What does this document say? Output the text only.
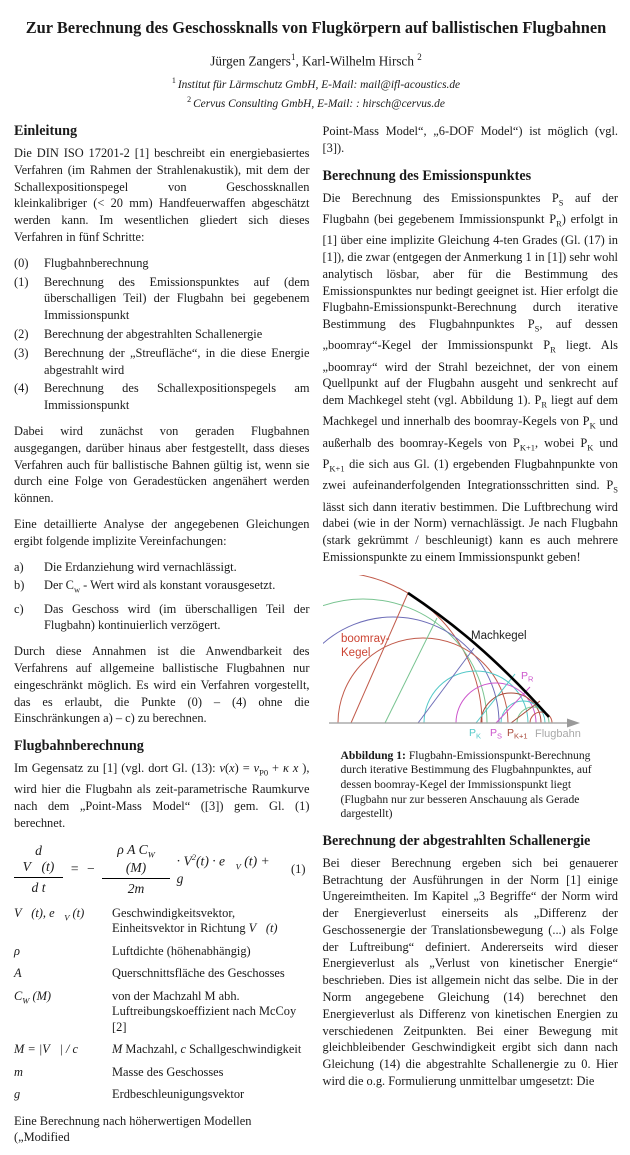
Zur Berechnung des Geschossknalls von Flugkörpern auf ballistischen Flugbahnen
Jürgen Zangers$^1$, Karl-Wilhelm Hirsch $^2$
$^1$ Institut für Lärmschutz GmbH, E-Mail: mail@ifl-acoustics.de
$^2$ Cervus Consulting GmbH, E-Mail: : hirsch@cervus.de
Einleitung

Die DIN ISO 17201-2 [1] beschreibt ein energiebasiertes Verfahren (im Rahmen der Strahlenakustik), mit dem der Schallexpositionspegel von Geschossknallen kleinkalibriger (< 20 mm) Handfeuerwaffen abgeschätzt werden kann. Im wesentlichen gliedert sich dieses Verfahren in fünf Schritte:

(0)	Flugbahnberechnung
(1)	Berechnung des Emissionspunktes auf (dem überschalligen Teil) der Flugbahn bei gegebenem Immissionspunkt
(2)	Berechnung der abgestrahlten Schallenergie
(3)	Berechnung der „Streufläche“, in die diese Energie abgestrahlt wird
(4)	Berechnung des Schallexpositionspegels am Immissionspunkt

Dabei wird zunächst von geraden Flugbahnen ausgegangen, darüber hinaus aber festgestellt, dass dieses Verfahren auch für ballistische Bahnen gültig ist, wenn sie durch eine Folge von Geradestücken angenähert werden können.

Eine detaillierte Analyse der angegebenen Gleichungen ergibt folgende implizite Vereinfachungen:

a)	Die Erdanziehung wird vernachlässigt.
b)	Der $C_w$ - Wert wird als konstant vorausgesetzt.
c)	Das Geschoss wird (im überschalligen Teil der Flugbahn) kontinuierlich verzögert.

Durch diese Annahmen ist die Anwendbarkeit des Verfahrens auf allgemeine ballistische Flugbahnen nur eingeschränkt möglich. Es wird ein Verfahren vorgestellt, das es erlaubt, die Punkte (0) – (4) ohne die Einschränkungen a) – c) zu berechnen.

Flugbahnberechnung

Im Gegensatz zu [1] (vgl. dort Gl. (13): $v(x) = v_{P0} + \kappa$ x ), wird hier die Flugbahn als zeit-parametrische Raumkurve nach dem „Point-Mass Model“ ([3]) gem. Gl. (1) berechnet.

$\frac{\text{d V⃗(t)}}{\text{d t}}$ = − $\frac{\rho A C_W (M)}{2m} \cdot V^2(t)$ · $e⃗_V$ (t) + g⃗
(1)
V⃗(t), $e⃗_V$ (t)	Geschwindigkeitsvektor, Einheitsvektor in Richtung V⃗(t)
ρ	Luftdichte (höhenabhängig)
A	Querschnittsfläche des Geschosses
$C_W$ (M)	von der Machzahl M abh. Luftreibungskoeffizient nach McCoy [2]
M = |V⃗| / c	M Machzahl, c Schallgeschwindigkeit
m	Masse des Geschosses
g⃗	Erdbeschleunigungsvektor

Eine Berechnung nach höherwertigen Modellen („Modified

Point-Mass Model“, „6-DOF Model“) ist möglich (vgl. [3]).

Berechnung des Emissionspunktes

Die Berechnung des Emissionspunktes $P_S$ auf der Flugbahn (bei gegebenem Immissionspunkt $P_R$) erfolgt in [1] über eine implizite Gleichung 4-ten Grades (Gl. (17) in [1]), die zwar (entgegen der Anmerkung 1 in [1]) sehr wohl analytisch lösbar, aber für die Bestimmung des Emissionspunktes nur bedingt geeignet ist. Hier erfolgt die Flugbahn-Emissionspunkt-Berechnung durch iterative Bestimmung des Flugbahnpunktes $P_S$, auf dessen „boomray“-Kegel der Immissionspunkt $P_R$ liegt. Als „boomray“ wird der Strahl bezeichnet, der von einem Quellpunkt auf der Flugbahn ausgeht und senkrecht auf dem Machkegel steht (vgl. Abbildung 1). $P_R$ liegt auf dem Machkegel und innerhalb des boomray-Kegels von $P_K$ und außerhalb des boomray-Kegels von $P_{K+1}$, wobei $P_K$ und $P_{K+1}$ die sich aus Gl. (1) ergebenden Flugbahnpunkte von zwei aufeinanderfolgenden Integrationsschritten sind. $P_S$ lässt sich dann iterativ bestimmen. Die Luftbrechung wird dabei (wie in der Norm) vernachlässigt. Je nach Flugbahn (stark gekrümmt / beschleunigt) kann es auch mehrere Emissionspunkte zu einem Immissionspunkt geben!

boomray-
Kegel
Machkegel
$P_R$
$P_K$ $P_S$ $P_{K+1}$ Flugbahn

Abbildung 1: Flugbahn-Emissionspunkt-Berechnung durch iterative Bestimmung des Flugbahnpunktes, auf dessen boomray-Kegel der Immissionspunkt liegt (Flugbahn nur zur besseren Anschauung als Gerade dargestellt)

Berechnung der abgestrahlten Schallenergie

Bei dieser Berechnung ergeben sich bei genauerer Betrachtung der Ausführungen in der Norm [1] einige Ungereimtheiten. Im Kapitel „3 Begriffe“ der Norm wird der Energieverlust einerseits als „Differenz der Geschossenergie der Translationsbewegung (...) als Folge der Luftreibung“ definiert. Andererseits wird dieser Energieverlust als „Verlust von kinetischer Energie“ beschrieben. Dies ist allgemein nicht das selbe. Die in der Norm angegebene Gleichung (14) berechnet den Energieverlust als Differenz von kinetischen Energien zu verschiedenen Zeitpunkten. Bei einer Bewegung mit gleichbleibender Geschwindigkeit ergibt sich dann nach Gleichung (14) die abgestrahlte Schallenergie zu 0. Hier wird die o.g. Formulierung unmittelbar umgesetzt: Die
